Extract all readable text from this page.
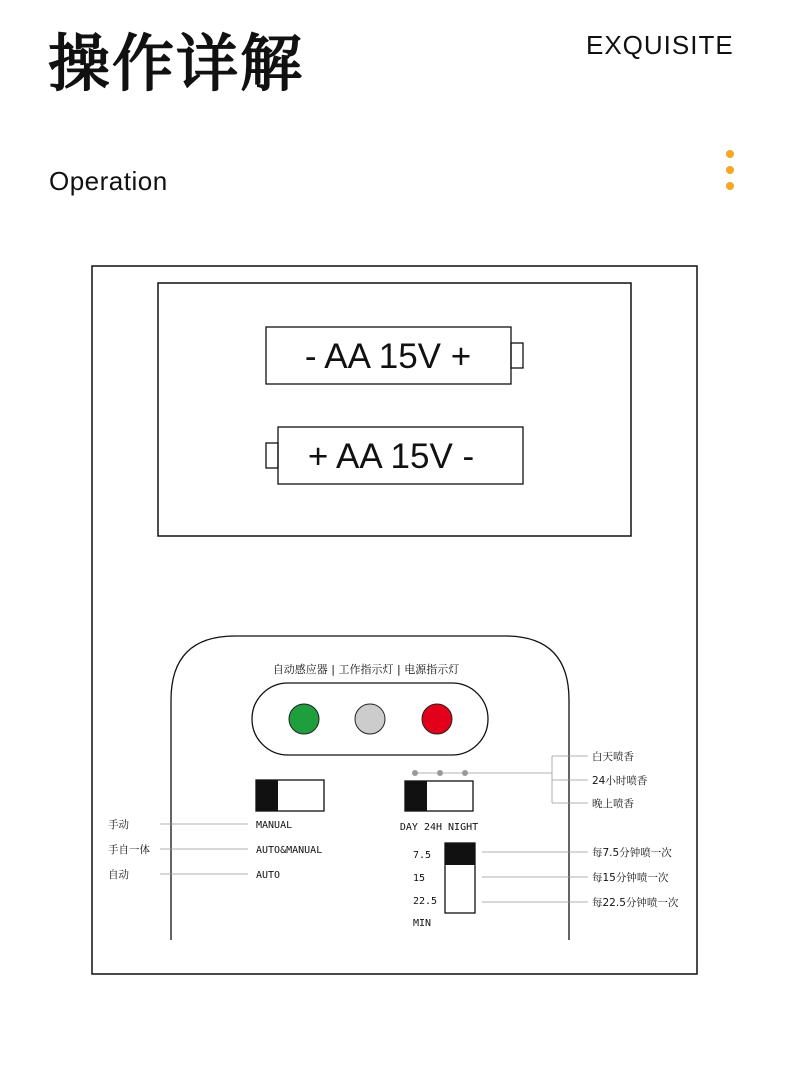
操作详解	EXQUISITE
Operation
- AA 15V +
+ AA 15V -
自动感应器 | 工作指示灯 | 电源指示灯
手动
手自一体
自动
MANUAL
AUTO&MANUAL
AUTO
DAY 24H NIGHT
白天喷香
24小时喷香
晚上喷香
7.5
15
22.5
MIN
每7.5分钟喷一次
每15分钟喷一次
每22.5分钟喷一次
